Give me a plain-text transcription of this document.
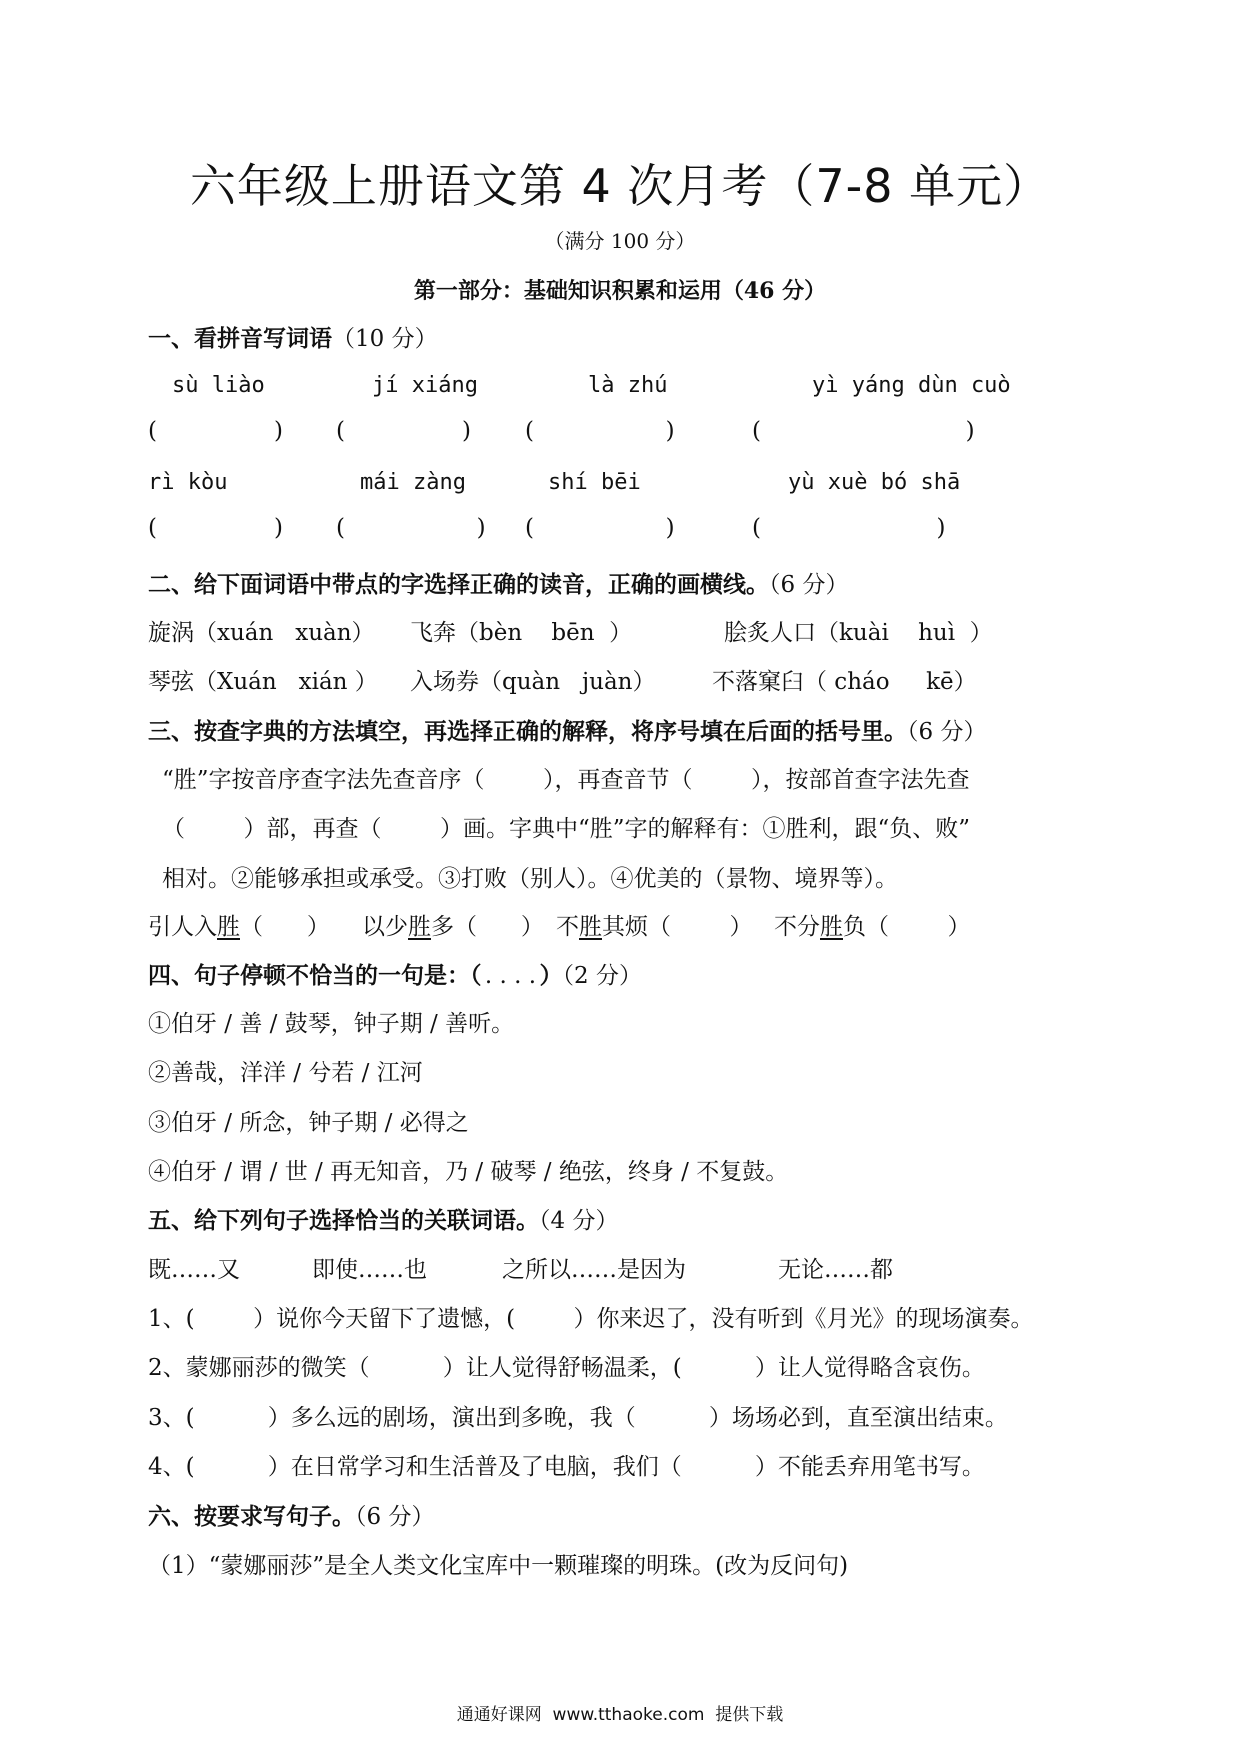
六年级上册语文第 4 次月考（7-8 单元）
（满分 100 分）
第一部分：基础知识积累和运用（46 分）
一、看拼音写词语（10 分）
sù liào	jí xiáng	là zhú	yì yáng dùn cuò
(                ) (                ) (                  )	(                            )
rì kòu	mái zàng	shí bēi	yù xuè bó shā
(                ) (                  ) (                  )	(                        )
二、给下面词语中带点的字选择正确的读音，正确的画横线。（6 分）
旋涡（xuán   xuàn） 飞奔（bèn    bēn  ）	脍炙人口（kuài    huì  ）
琴弦（Xuán   xián ） 入场券（quàn   juàn） 不落窠臼（ cháo     kē）
三、按查字典的方法填空，再选择正确的解释，将序号填在后面的括号里。（6 分）
“胜”字按音序查字法先查音序（        ），再查音节（        ），按部首查字法先查
（        ）部，再查（        ）画。字典中“胜”字的解释有：①胜利，跟“负、败”
相对。②能够承担或承受。③打败（别人）。④优美的（景物、境界等）。
引人入胜（      ） 以少胜多（      ） 不胜其烦（        ） 不分胜负（        ）
四、句子停顿不恰当的一句是：（ . . . . ）（2 分）
①伯牙 / 善 / 鼓琴，钟子期 / 善听。
②善哉，洋洋 / 兮若 / 江河
③伯牙 / 所念，钟子期 / 必得之
④伯牙 / 谓 / 世 / 再无知音，乃 / 破琴 / 绝弦，终身 / 不复鼓。
五、给下列句子选择恰当的关联词语。（4 分）
既……又	即使……也	之所以……是因为	无论……都
1、(        ）说你今天留下了遗憾，(        ）你来迟了，没有听到《月光》的现场演奏。
2、蒙娜丽莎的微笑（          ）让人觉得舒畅温柔，(          ）让人觉得略含哀伤。
3、(          ）多么远的剧场，演出到多晚，我（          ）场场必到，直至演出结束。
4、(          ）在日常学习和生活普及了电脑，我们（          ）不能丢弃用笔书写。
六、按要求写句子。（6 分）
（1）“蒙娜丽莎”是全人类文化宝库中一颗璀璨的明珠。(改为反问句)
通通好课网  www.tthaoke.com  提供下载
